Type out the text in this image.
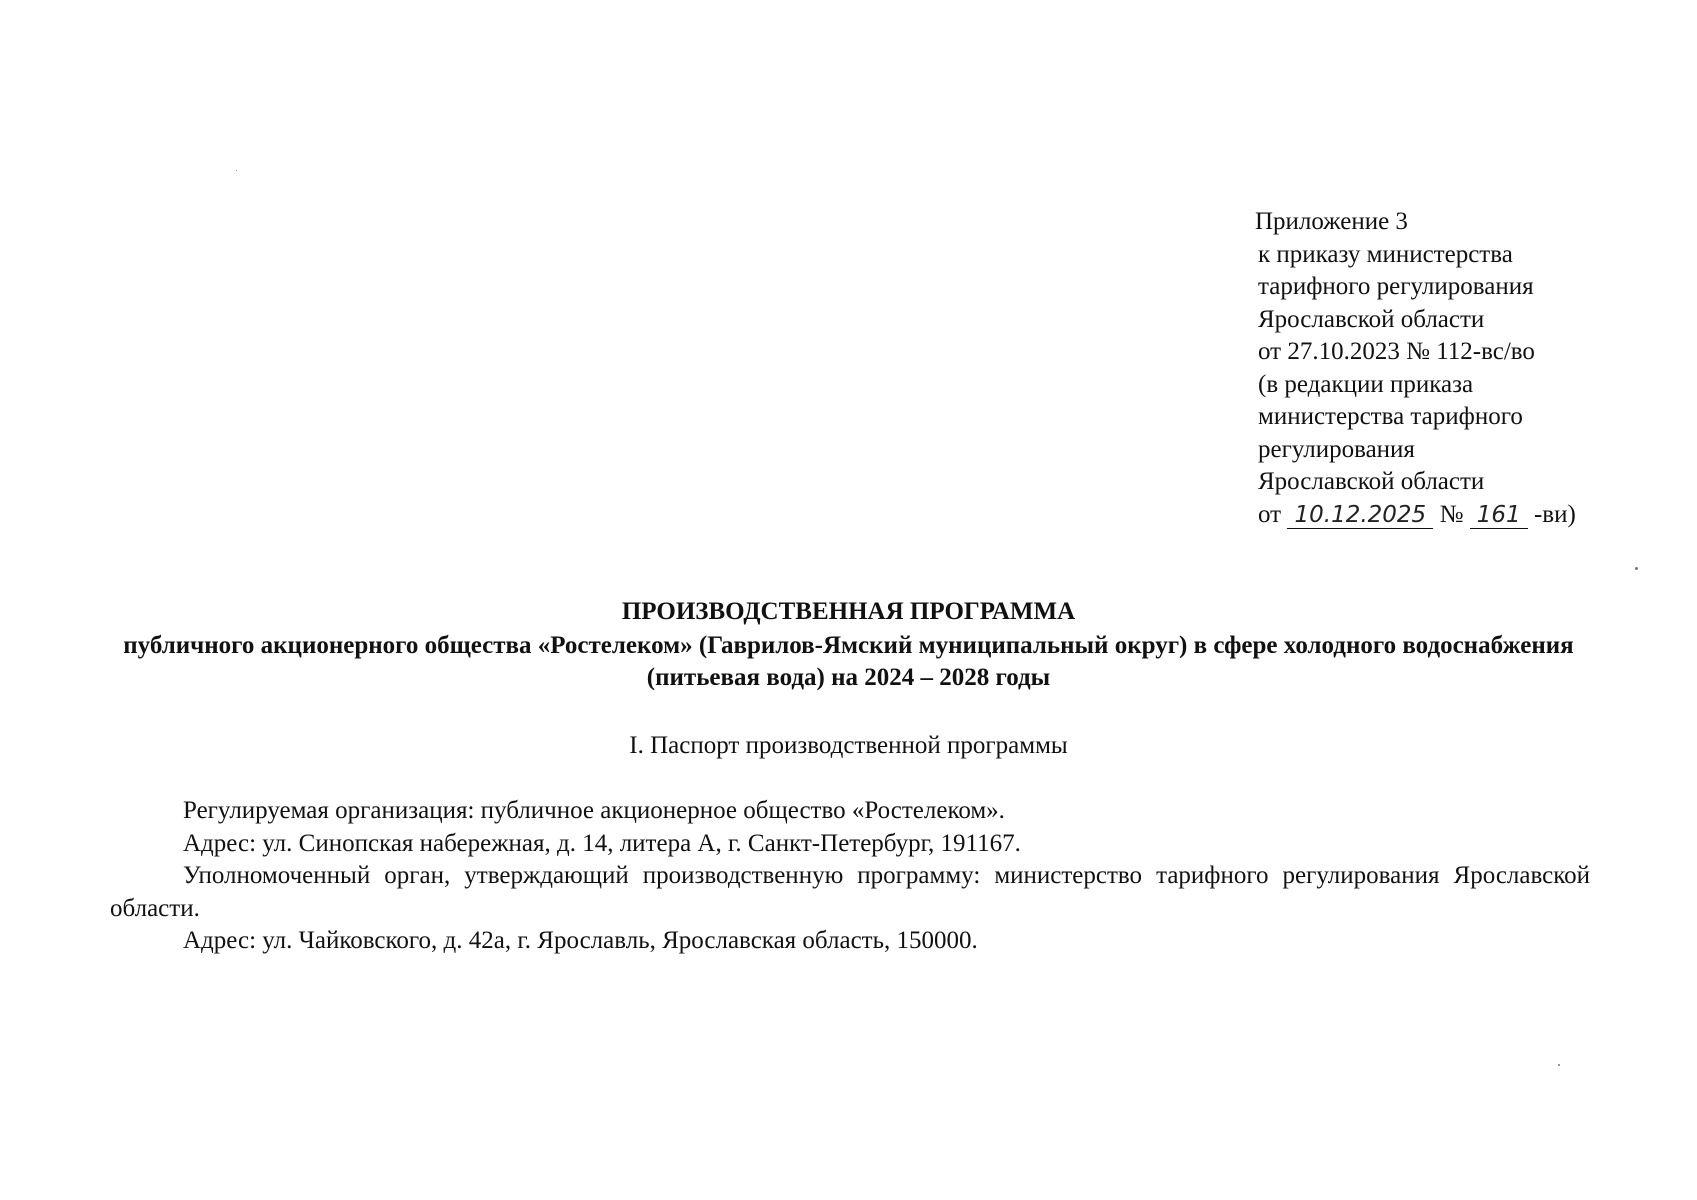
Приложение 3
к приказу министерства
тарифного регулирования
Ярославской области
от 27.10.2023 № 112-вс/во
(в редакции приказа
министерства тарифного
регулирования
Ярославской области
от 10.12.2025 № 161 -ви)
ПРОИЗВОДСТВЕННАЯ ПРОГРАММА
публичного акционерного общества «Ростелеком» (Гаврилов-Ямский муниципальный округ) в сфере холодного водоснабжения (питьевая вода) на 2024 – 2028 годы
I. Паспорт производственной программы

Регулируемая организация: публичное акционерное общество «Ростелеком».

Адрес: ул. Синопская набережная, д. 14, литера А, г. Санкт-Петербург, 191167.

Уполномоченный орган, утверждающий производственную программу: министерство тарифного регулирования Ярославской области.

Адрес: ул. Чайковского, д. 42а, г. Ярославль, Ярославская область, 150000.
